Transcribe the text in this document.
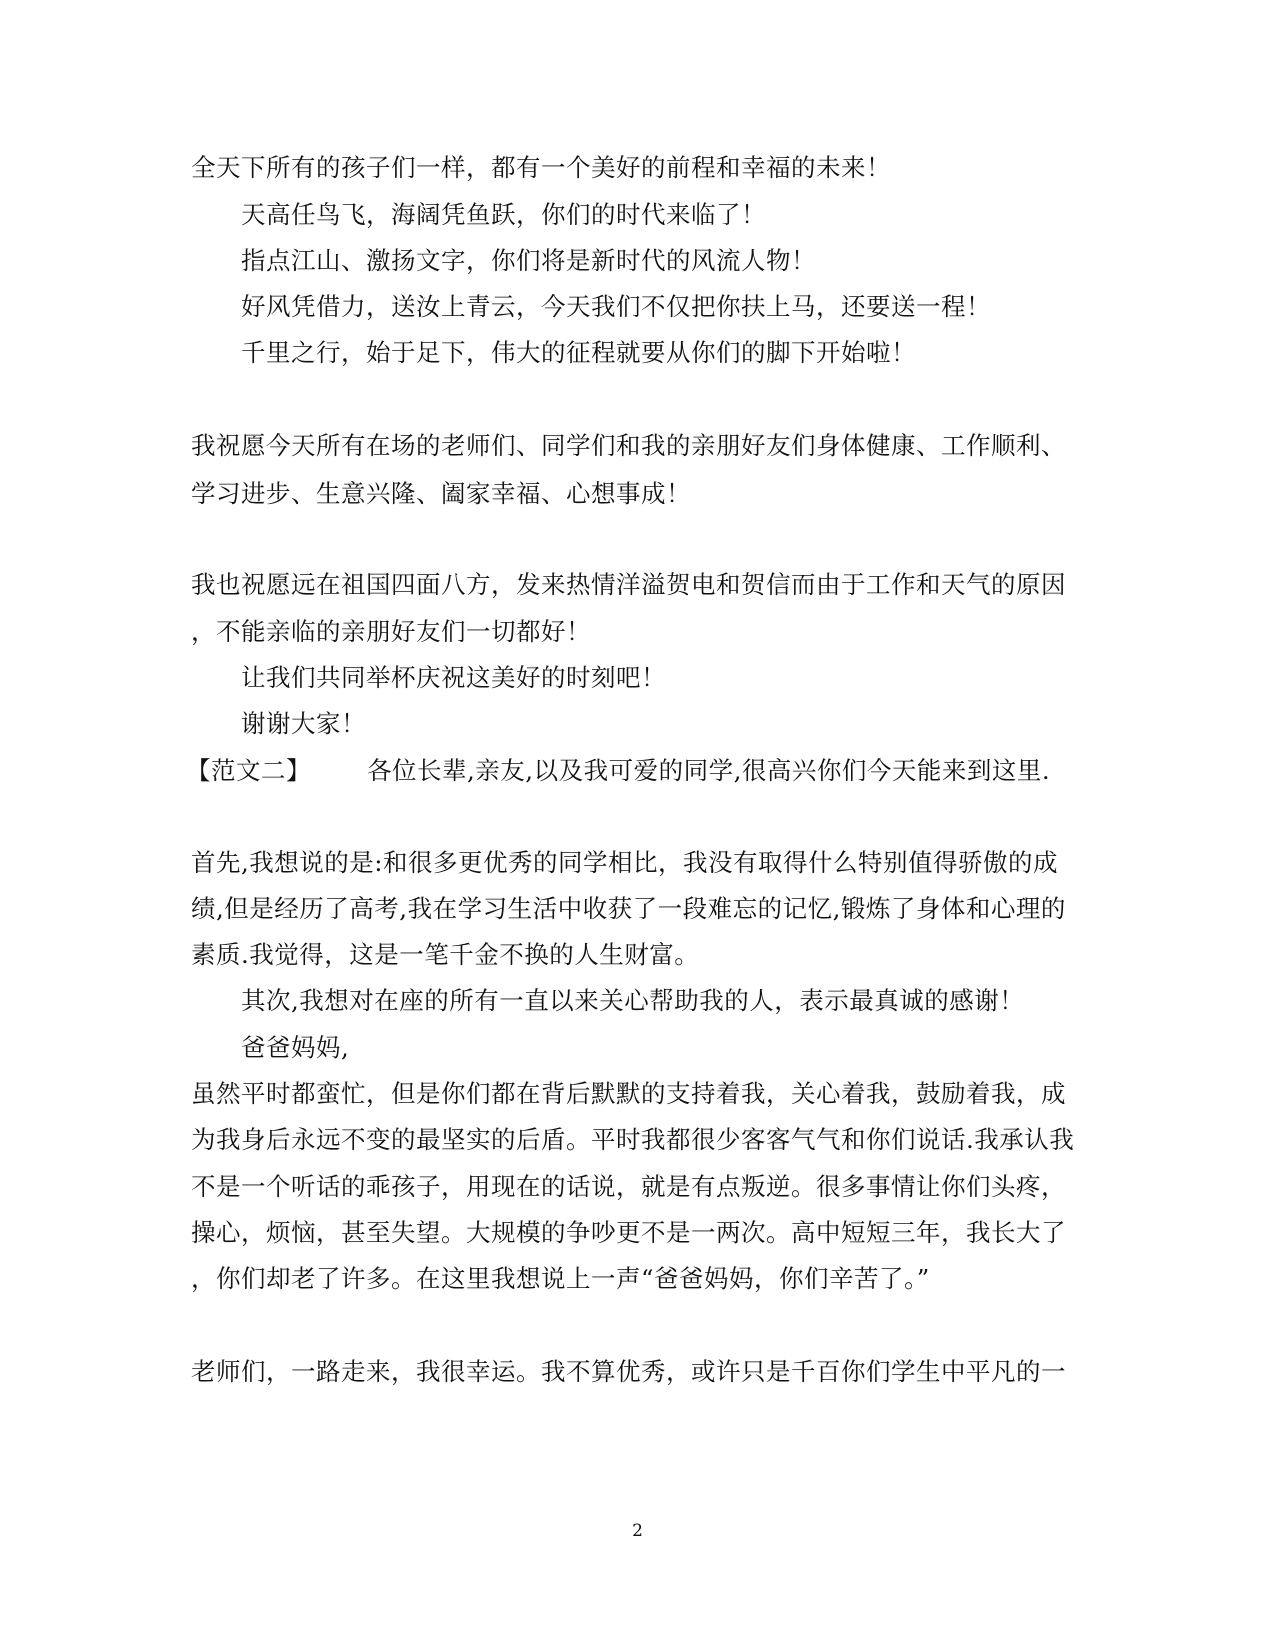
全天下所有的孩子们一样，都有一个美好的前程和幸福的未来！
天高任鸟飞，海阔凭鱼跃，你们的时代来临了！
指点江山、激扬文字，你们将是新时代的风流人物！
好风凭借力，送汝上青云，今天我们不仅把你扶上马，还要送一程！
千里之行，始于足下，伟大的征程就要从你们的脚下开始啦！
我祝愿今天所有在场的老师们、同学们和我的亲朋好友们身体健康、工作顺利、
学习进步、生意兴隆、阖家幸福、心想事成！
我也祝愿远在祖国四面八方，发来热情洋溢贺电和贺信而由于工作和天气的原因
，不能亲临的亲朋好友们一切都好！
让我们共同举杯庆祝这美好的时刻吧！
谢谢大家！
【范文二】 各位长辈,亲友,以及我可爱的同学,很高兴你们今天能来到这里.
首先,我想说的是:和很多更优秀的同学相比，我没有取得什么特别值得骄傲的成
绩,但是经历了高考,我在学习生活中收获了一段难忘的记忆,锻炼了身体和心理的
素质.我觉得，这是一笔千金不换的人生财富。
其次,我想对在座的所有一直以来关心帮助我的人，表示最真诚的感谢！
爸爸妈妈,
虽然平时都蛮忙，但是你们都在背后默默的支持着我，关心着我，鼓励着我，成
为我身后永远不变的最坚实的后盾。平时我都很少客客气气和你们说话.我承认我
不是一个听话的乖孩子，用现在的话说，就是有点叛逆。很多事情让你们头疼，
操心，烦恼，甚至失望。大规模的争吵更不是一两次。高中短短三年，我长大了
，你们却老了许多。在这里我想说上一声“爸爸妈妈，你们辛苦了。”
老师们，一路走来，我很幸运。我不算优秀，或许只是千百你们学生中平凡的一
2
